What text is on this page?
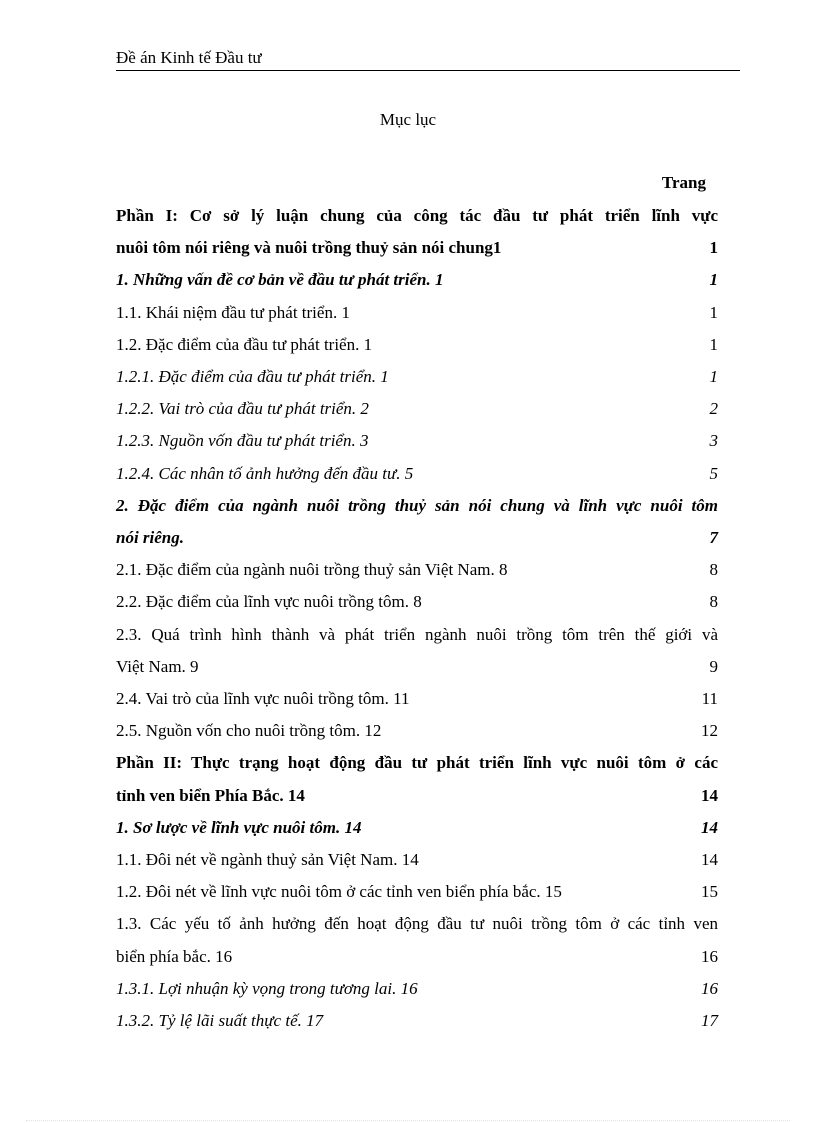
Đề án Kinh tế Đầu tư
Mục lục
Trang
Phần I: Cơ sở lý luận chung của công tác đầu tư phát triển lĩnh vực
nuôi tôm nói riêng và nuôi trồng thuỷ sản nói chung1	1
1. Những vấn đề cơ bản về đầu tư phát triển. 1	1
1.1. Khái niệm đầu tư phát triển. 1	1
1.2. Đặc điểm của đầu tư phát triển. 1	1
1.2.1. Đặc điểm của đầu tư phát triển. 1	1
1.2.2. Vai trò của đầu tư phát triển. 2	2
1.2.3. Nguồn vốn đầu tư phát triển. 3	3
1.2.4. Các nhân tố ảnh hưởng đến đầu tư. 5	5
2. Đặc điểm của ngành nuôi trồng thuỷ sản nói chung và lĩnh vực nuôi tôm
nói riêng.	7
2.1. Đặc điểm của ngành nuôi trồng thuỷ sản Việt Nam. 8	8
2.2. Đặc điểm của lĩnh vực nuôi trồng tôm. 8	8
2.3. Quá trình hình thành và phát triển ngành nuôi trồng tôm trên thế giới và
Việt Nam. 9	9
2.4. Vai trò của lĩnh vực nuôi trồng tôm. 11	11
2.5. Nguồn vốn cho nuôi trồng tôm. 12	12
Phần II: Thực trạng hoạt động đầu tư phát triển lĩnh vực nuôi tôm ở các
tỉnh ven biển Phía Bắc. 14	14
1. Sơ lược về lĩnh vực nuôi tôm. 14	14
1.1. Đôi nét về ngành thuỷ sản Việt Nam. 14	14
1.2. Đôi nét về lĩnh vực nuôi tôm ở các tỉnh ven biển phía bắc. 15	15
1.3. Các yếu tố ảnh hưởng đến hoạt động đầu tư nuôi trồng tôm ở các tỉnh ven
biển phía bắc. 16	16
1.3.1. Lợi nhuận kỳ vọng trong tương lai. 16	16
1.3.2. Tỷ lệ lãi suất thực tế. 17	17
